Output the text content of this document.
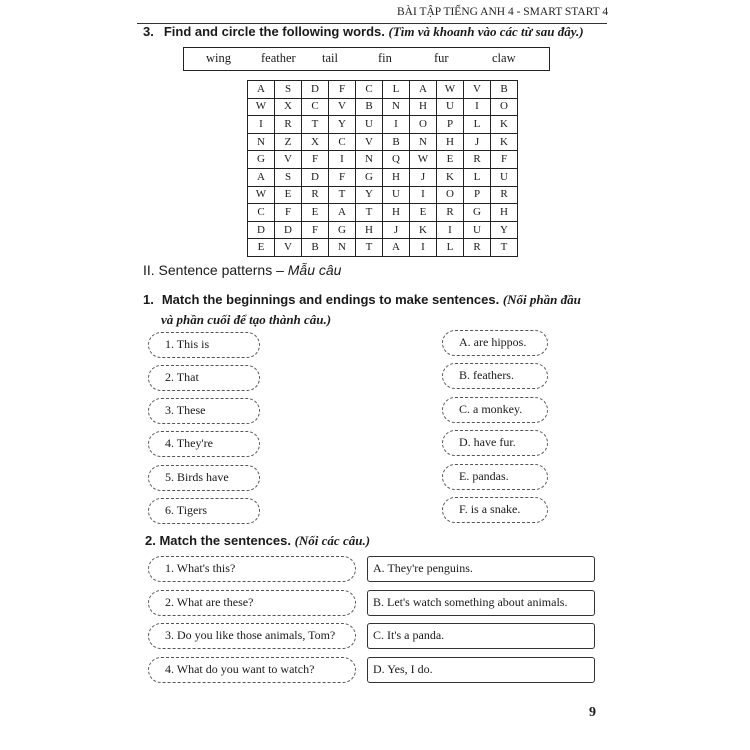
BÀI TẬP TIẾNG ANH 4 - SMART START 4
3. Find and circle the following words. (Tìm và khoanh vào các từ sau đây.)
wing feather tail	fin	fur	claw
A	S	D	F	C	L	A	W	V	B
W	X	C	V	B	N	H	U	I	O
I	R	T	Y	U	I	O	P	L	K
N	Z	X	C	V	B	N	H	J	K
G	V	F	I	N	Q	W	E	R	F
A	S	D	F	G	H	J	K	L	U
W	E	R	T	Y	U	I	O	P	R
C	F	E	A	T	H	E	R	G	H
D	D	F	G	H	J	K	I	U	Y
E	V	B	N	T	A	I	L	R	T
II. Sentence patterns – Mẫu câu
1. Match the beginnings and endings to make sentences. (Nối phần đầu
và phần cuối để tạo thành câu.)
1. This is
2. That
3. These
4. They're
5. Birds have
6. Tigers
A. are hippos.
B. feathers.
C. a monkey.
D. have fur.
E. pandas.
F. is a snake.
2. Match the sentences. (Nối các câu.)
1. What's this?
2. What are these?
3. Do you like those animals, Tom?
4. What do you want to watch?
A. They're penguins.
B. Let's watch something about animals.
C. It's a panda.
D. Yes, I do.
9
